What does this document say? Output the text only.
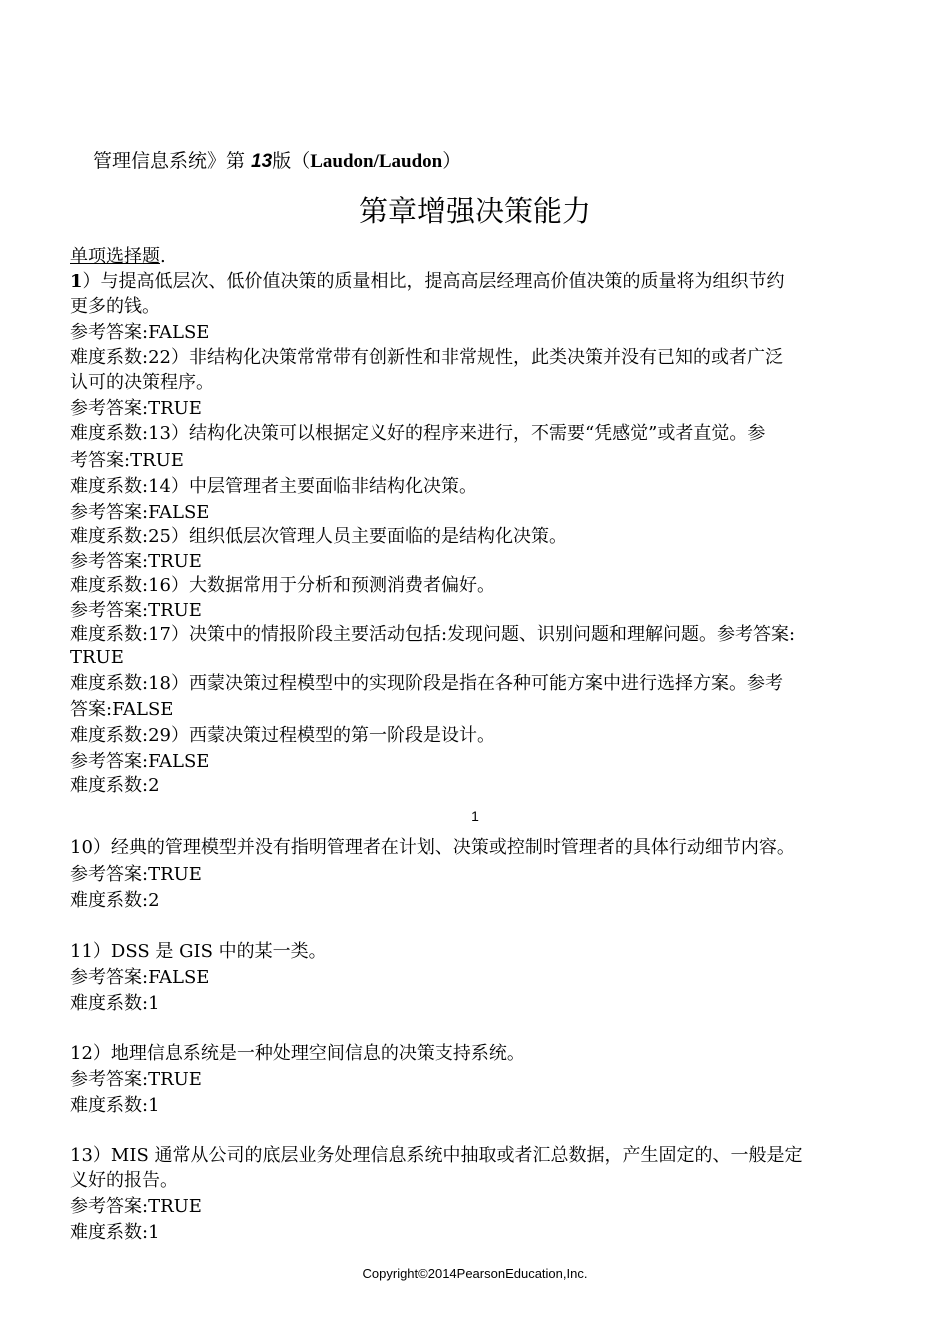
管理信息系统》第 13版（Laudon/Laudon）
第章增强决策能力
单项选择题.
1）与提高低层次、低价值决策的质量相比，提高高层经理高价值决策的质量将为组织节约
更多的钱。
参考答案:FALSE
难度系数:22）非结构化决策常常带有创新性和非常规性，此类决策并没有已知的或者广泛
认可的决策程序。
参考答案:TRUE
难度系数:13）结构化决策可以根据定义好的程序来进行，不需要“凭感觉”或者直觉。参
考答案:TRUE
难度系数:14）中层管理者主要面临非结构化决策。
参考答案:FALSE
难度系数:25）组织低层次管理人员主要面临的是结构化决策。
参考答案:TRUE
难度系数:16）大数据常用于分析和预测消费者偏好。
参考答案:TRUE
难度系数:17）决策中的情报阶段主要活动包括:发现问题、识别问题和理解问题。参考答案:
TRUE
难度系数:18）西蒙决策过程模型中的实现阶段是指在各种可能方案中进行选择方案。参考
答案:FALSE
难度系数:29）西蒙决策过程模型的第一阶段是设计。
参考答案:FALSE
难度系数:2
1
10）经典的管理模型并没有指明管理者在计划、决策或控制时管理者的具体行动细节内容。
参考答案:TRUE
难度系数:2
11）DSS 是 GIS 中的某一类。
参考答案:FALSE
难度系数:1
12）地理信息系统是一种处理空间信息的决策支持系统。
参考答案:TRUE
难度系数:1
13）MIS 通常从公司的底层业务处理信息系统中抽取或者汇总数据，产生固定的、一般是定
义好的报告。
参考答案:TRUE
难度系数:1
Copyright©2014PearsonEducation,Inc.
